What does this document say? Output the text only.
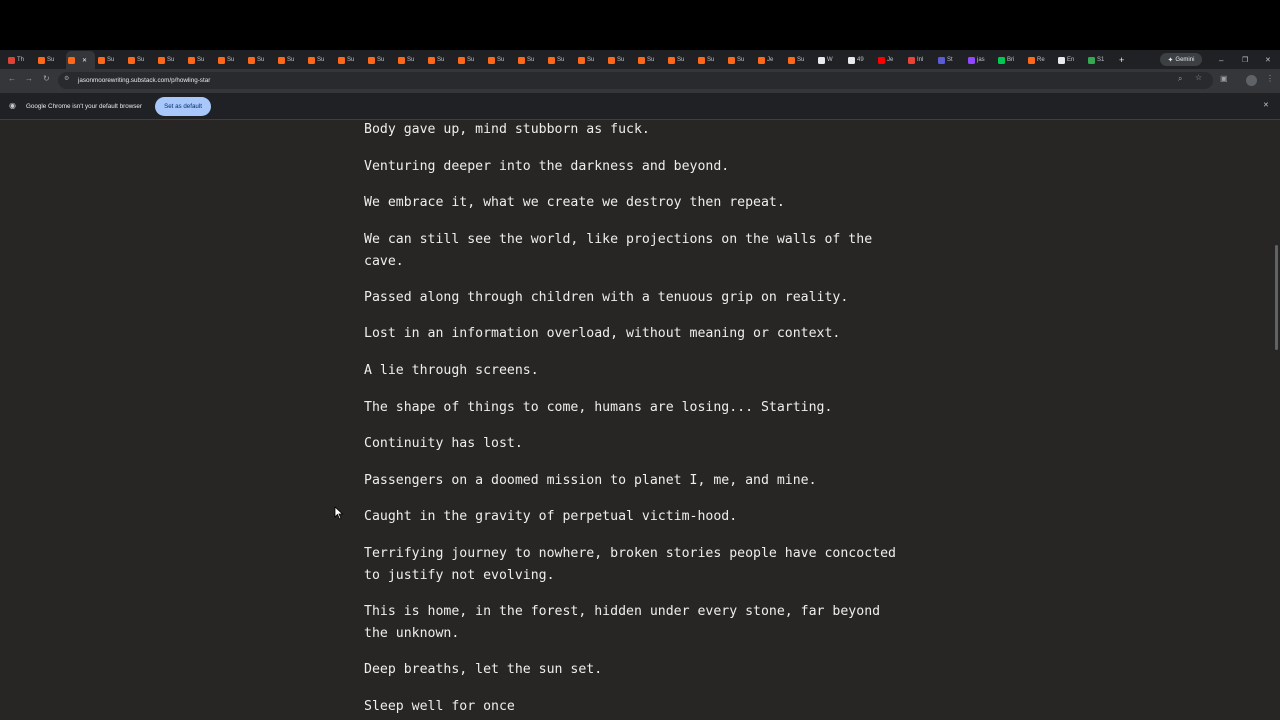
Th	Su	✕	Su	Su	Su	Su	Su	Su	Su	Su	Su	Su	Su	Su	Su	Su	Su	Su	Su	Su	Su	Su	Su	Su	Je	Su	W	49	Je	Inl	St	jas	Bri	Re	En	S1 +	✦ Gemini	–	❐ ✕
← → ↻ ⚙ jasonmoorewriting.substack.com/p/howling-star	⌕ ☆ ▣	⋮
◉ Google Chrome isn't your default browser	✕
Set as default
Body gave up, mind stubborn as fuck.
Venturing deeper into the darkness and beyond.
We embrace it, what we create we destroy then repeat.
We can still see the world, like projections on the walls of the
cave.
Passed along through children with a tenuous grip on reality.
Lost in an information overload, without meaning or context.
A lie through screens.
The shape of things to come, humans are losing... Starting.
Continuity has lost.
Passengers on a doomed mission to planet I, me, and mine.
Caught in the gravity of perpetual victim-hood.
Terrifying journey to nowhere, broken stories people have concocted
to justify not evolving.
This is home, in the forest, hidden under every stone, far beyond
the unknown.
Deep breaths, let the sun set.
Sleep well for once
